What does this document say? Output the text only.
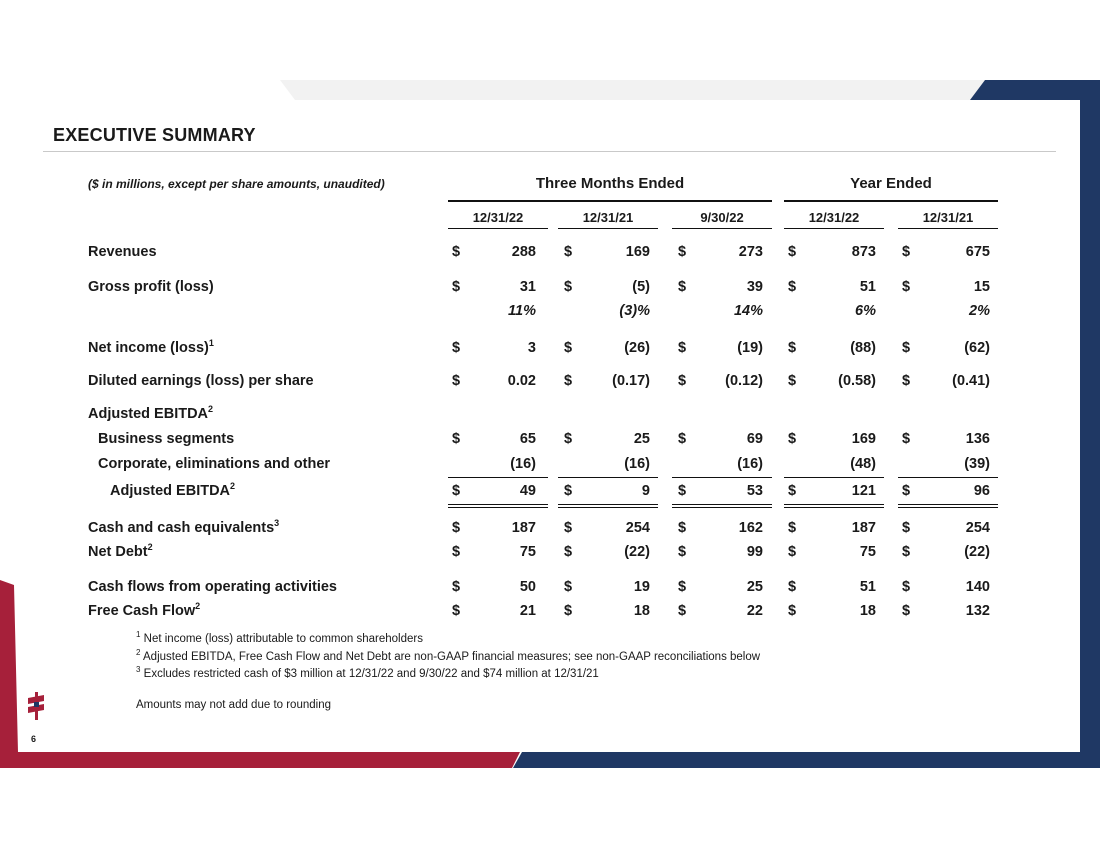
EXECUTIVE SUMMARY
($ in millions, except per share amounts, unaudited)	Three Months Ended	Year Ended
12/31/22	12/31/21	9/30/22	12/31/22	12/31/21
Revenues	$	288 $	169 $	273 $	873 $	675
Gross profit (loss)	$	31 $	(5) $	39 $	51 $	15
11%	(3)%	14%	6%	2%
Net income (loss)$^1$	$	3 $	(26) $	(19) $	(88) $	(62)
Diluted earnings (loss) per share	$	0.02 $	(0.17) $	(0.12) $	(0.58) $	(0.41)
Adjusted EBITDA$^2$
Business segments	$	65 $	25 $	69 $	169 $	136
Corporate, eliminations and other	(16)	(16)	(16)	(48)	(39)
Adjusted EBITDA$^2$	$	49 $	9 $	53 $	121 $	96
Cash and cash equivalents$^3$	$	187 $	254 $	162 $	187 $	254
Net Debt$^2$	$	75 $	(22) $	99 $	75 $	(22)
Cash flows from operating activities	$	50 $	19 $	25 $	51 $	140
Free Cash Flow$^2$	$	21 $	18 $	22 $	18 $	132
$^1$ Net income (loss) attributable to common shareholders
$^2$ Adjusted EBITDA, Free Cash Flow and Net Debt are non-GAAP financial measures; see non-GAAP reconciliations below
$^3$ Excludes restricted cash of $3 million at 12/31/22 and 9/30/22 and $74 million at 12/31/21
Amounts may not add due to rounding
6
